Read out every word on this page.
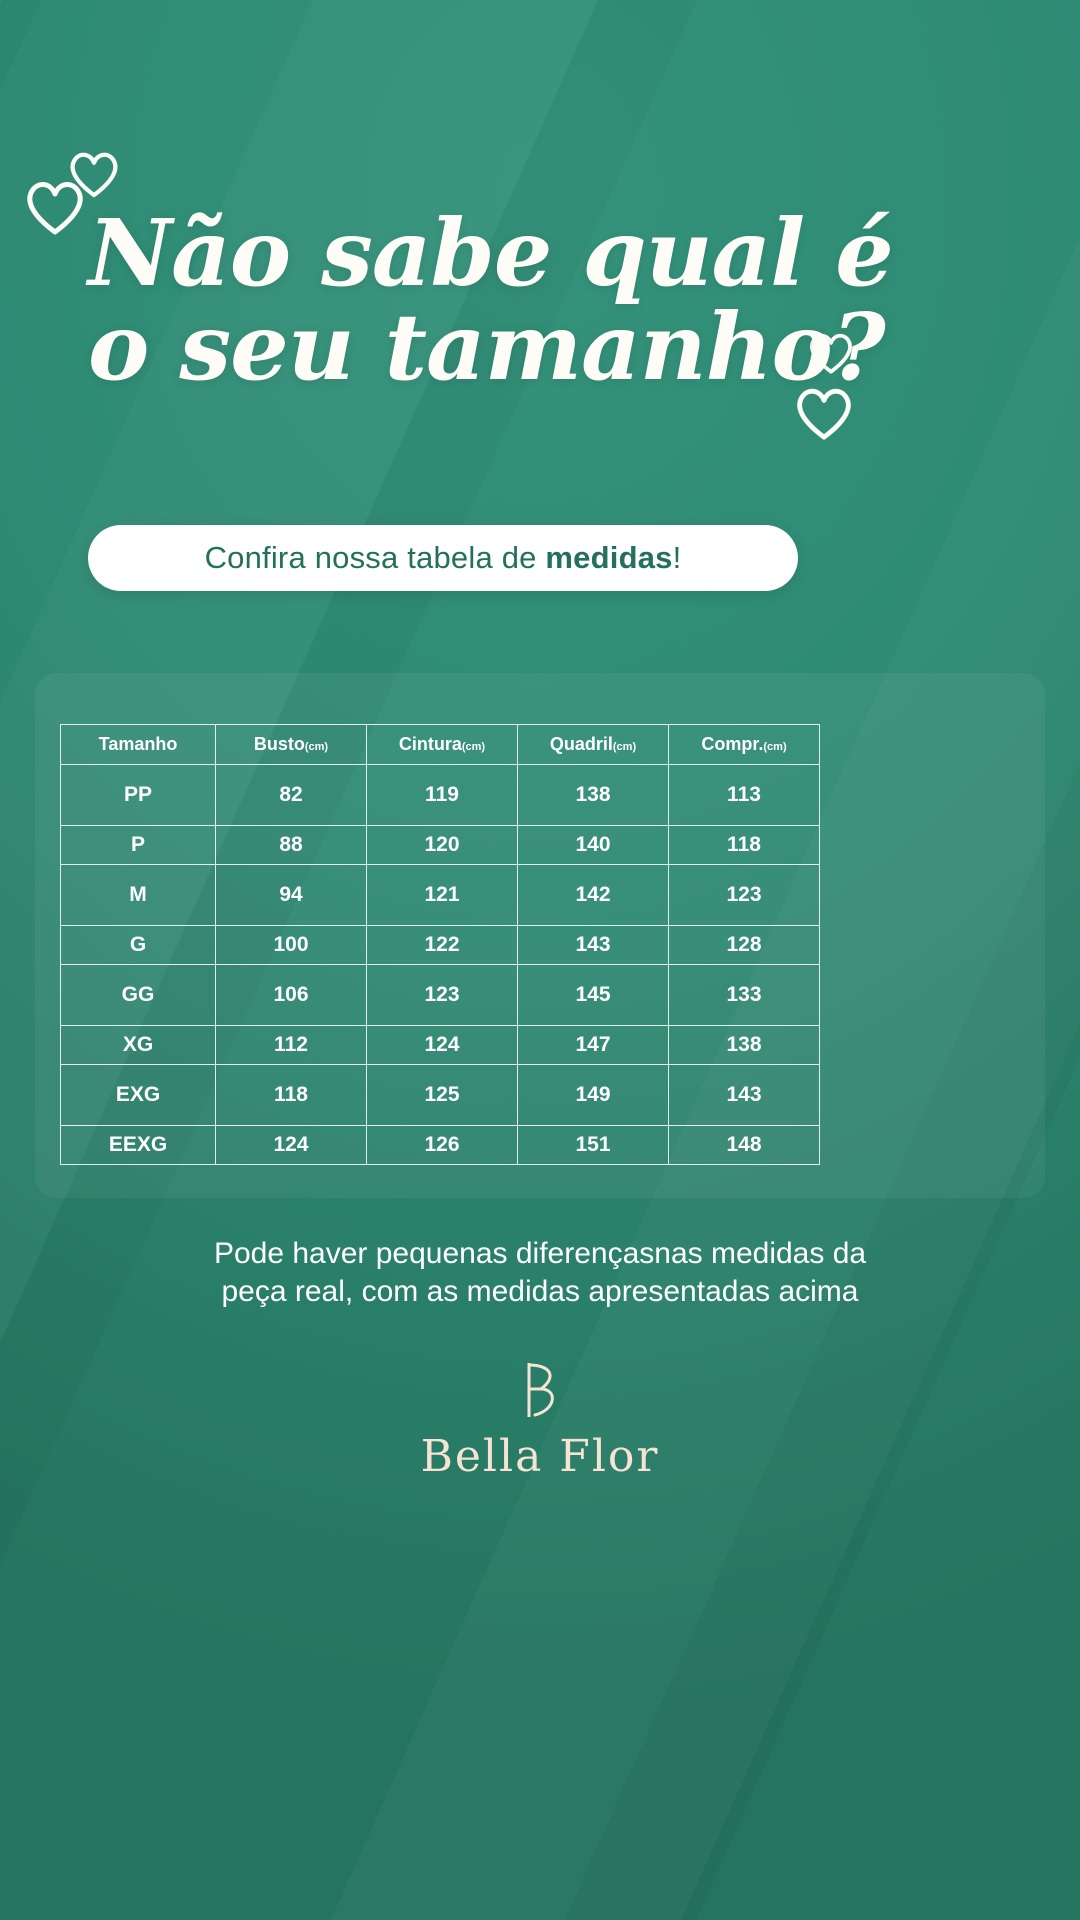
Não sabe qual é
o seu tamanho?
Confira nossa tabela de medidas!
Tamanho	Busto(cm)	Cintura(cm)	Quadril(cm)	Compr.(cm)
PP	82	119	138	113
P	88	120	140	118
M	94	121	142	123
G	100	122	143	128
GG	106	123	145	133
XG	112	124	147	138
EXG	118	125	149	143
EEXG	124	126	151	148
Pode haver pequenas diferençasnas medidas da
peça real, com as medidas apresentadas acima
Bella Flor
